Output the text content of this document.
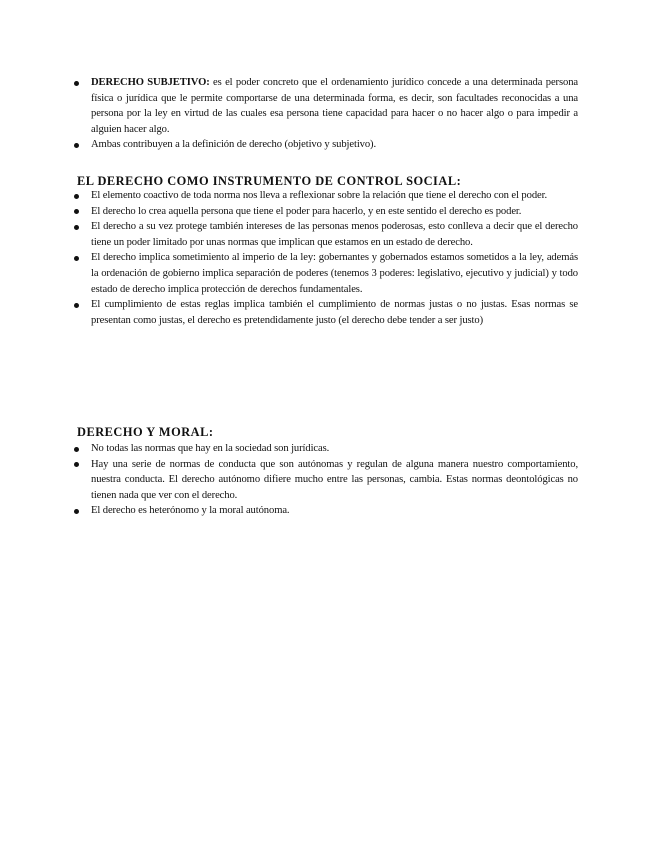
DERECHO SUBJETIVO: es el poder concreto que el ordenamiento jurídico concede a una determinada persona física o jurídica que le permite comportarse de una determinada forma, es decir, son facultades reconocidas a una persona por la ley en virtud de las cuales esa persona tiene capacidad para hacer o no hacer algo o para impedir a alguien hacer algo.
Ambas contribuyen a la definición de derecho (objetivo y subjetivo).
EL DERECHO COMO INSTRUMENTO DE CONTROL SOCIAL:
El elemento coactivo de toda norma nos lleva a reflexionar sobre la relación que tiene el derecho con el poder.
El derecho lo crea aquella persona que tiene el poder para hacerlo, y en este sentido el derecho es poder.
El derecho a su vez protege también intereses de las personas menos poderosas, esto conlleva a decir que el derecho tiene un poder limitado por unas normas que implican que estamos en un estado de derecho.
El derecho implica sometimiento al imperio de la ley: gobernantes y gobernados estamos sometidos a la ley, además la ordenación de gobierno implica separación de poderes (tenemos 3 poderes: legislativo, ejecutivo y judicial) y todo estado de derecho implica protección de derechos fundamentales.
El cumplimiento de estas reglas implica también el cumplimiento de normas justas o no justas. Esas normas se presentan como justas, el derecho es pretendidamente justo (el derecho debe tender a ser justo)
DERECHO Y MORAL:
No todas las normas que hay en la sociedad son jurídicas.
Hay una serie de normas de conducta que son autónomas y regulan de alguna manera nuestro comportamiento, nuestra conducta. El derecho autónomo difiere mucho entre las personas, cambia. Estas normas deontológicas no tienen nada que ver con el derecho.
El derecho es heterónomo y la moral autónoma.
